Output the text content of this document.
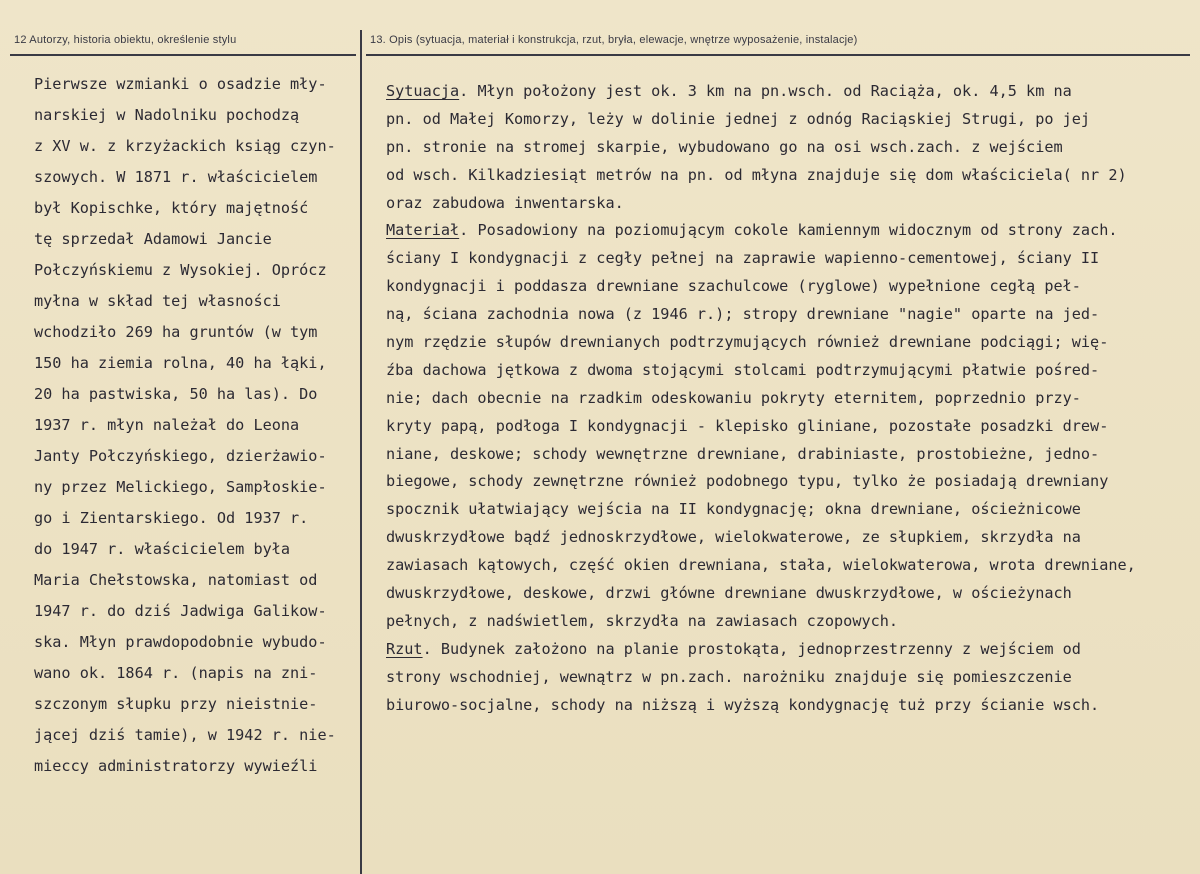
12 Autorzy, historia obiektu, określenie stylu	13. Opis (sytuacja, materiał i konstrukcja, rzut, bryła, elewacje, wnętrze wyposażenie, instalacje)
Pierwsze wzmianki o osadzie mły-
narskiej w Nadolniku pochodzą
z XV w. z krzyżackich ksiąg czyn-
szowych. W 1871 r. właścicielem
był Kopischke, który majętność
tę sprzedał Adamowi Jancie
Połczyńskiemu z Wysokiej. Oprócz
myłna w skład tej własności
wchodziło 269 ha gruntów (w tym
150 ha ziemia rolna, 40 ha łąki,
20 ha pastwiska, 50 ha las). Do
1937 r. młyn należał do Leona
Janty Połczyńskiego, dzierżawio-
ny przez Melickiego, Sampłoskie-
go i Zientarskiego. Od 1937 r.
do 1947 r. właścicielem była
Maria Chełstowska, natomiast od
1947 r. do dziś Jadwiga Galikow-
ska. Młyn prawdopodobnie wybudo-
wano ok. 1864 r. (napis na zni-
szczonym słupku przy nieistnie-
jącej dziś tamie), w 1942 r. nie-
mieccy administratorzy wywieźli
Sytuacja. Młyn położony jest ok. 3 km na pn.wsch. od Raciąża, ok. 4,5 km na
pn. od Małej Komorzy, leży w dolinie jednej z odnóg Raciąskiej Strugi, po jej
pn. stronie na stromej skarpie, wybudowano go na osi wsch.zach. z wejściem
od wsch. Kilkadziesiąt metrów na pn. od młyna znajduje się dom właściciela( nr 2)
oraz zabudowa inwentarska.
Materiał. Posadowiony na poziomującym cokole kamiennym widocznym od strony zach.
ściany I kondygnacji z cegły pełnej na zaprawie wapienno-cementowej, ściany II
kondygnacji i poddasza drewniane szachulcowe (ryglowe) wypełnione cegłą peł-
ną, ściana zachodnia nowa (z 1946 r.); stropy drewniane "nagie" oparte na jed-
nym rzędzie słupów drewnianych podtrzymujących również drewniane podciągi; wię-
źba dachowa jętkowa z dwoma stojącymi stolcami podtrzymującymi płatwie pośred-
nie; dach obecnie na rzadkim odeskowaniu pokryty eternitem, poprzednio przy-
kryty papą, podłoga I kondygnacji - klepisko gliniane, pozostałe posadzki drew-
niane, deskowe; schody wewnętrzne drewniane, drabiniaste, prostobieżne, jedno-
biegowe, schody zewnętrzne również podobnego typu, tylko że posiadają drewniany
spocznik ułatwiający wejścia na II kondygnację; okna drewniane, ościeżnicowe
dwuskrzydłowe bądź jednoskrzydłowe, wielokwaterowe, ze słupkiem, skrzydła na
zawiasach kątowych, część okien drewniana, stała, wielokwaterowa, wrota drewniane,
dwuskrzydłowe, deskowe, drzwi główne drewniane dwuskrzydłowe, w ościeżynach
pełnych, z nadświetlem, skrzydła na zawiasach czopowych.
Rzut. Budynek założono na planie prostokąta, jednoprzestrzenny z wejściem od
strony wschodniej, wewnątrz w pn.zach. narożniku znajduje się pomieszczenie
biurowo-socjalne, schody na niższą i wyższą kondygnację tuż przy ścianie wsch.
